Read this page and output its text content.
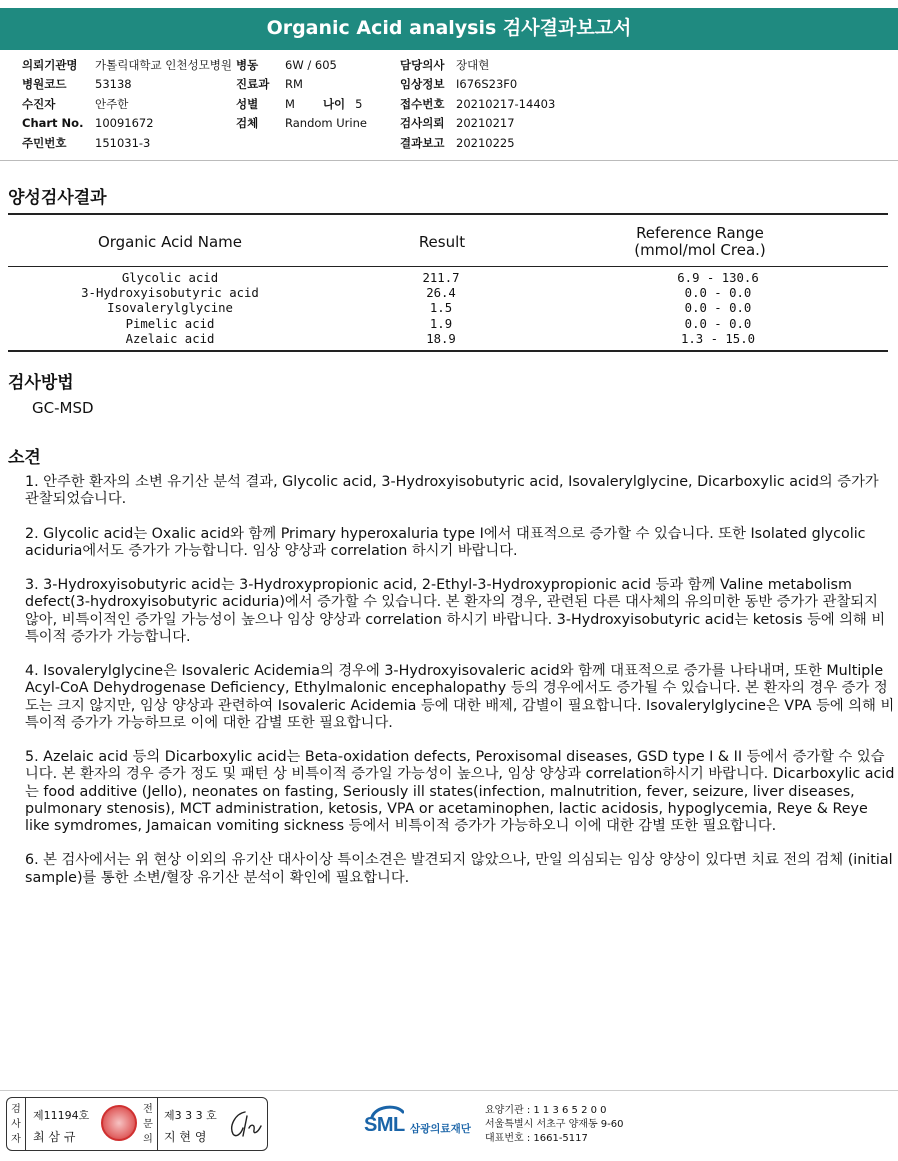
Organic Acid analysis 검사결과보고서
의뢰기관명	가톨릭대학교 인천성모병원
병원코드	53138
수진자	안주한
Chart No.	10091672
주민번호	151031-3
병동	6W / 605
진료과	RM
성별	M 나이 5
검체	Random Urine
담당의사	장대현
임상정보	I676S23F0
접수번호	20210217-14403
검사의뢰	20210217
결과보고	20210225
양성검사결과
Organic Acid Name	Result	Reference Range
(mmol/mol Crea.)
Glycolic acid	211.7	6.9 - 130.6
3-Hydroxyisobutyric acid	26.4	0.0 - 0.0
Isovalerylglycine	1.5	0.0 - 0.0
Pimelic acid	1.9	0.0 - 0.0
Azelaic acid	18.9	1.3 - 15.0
검사방법
GC-MSD
소견

1. 안주한 환자의 소변 유기산 분석 결과, Glycolic acid, 3-Hydroxyisobutyric acid, Isovalerylglycine, Dicarboxylic acid의 증가가 관찰되었습니다.

2. Glycolic acid는 Oxalic acid와 함께 Primary hyperoxaluria type Ⅰ에서 대표적으로 증가할 수 있습니다. 또한 Isolated glycolic aciduria에서도 증가가 가능합니다. 임상 양상과 correlation 하시기 바랍니다.

3. 3-Hydroxyisobutyric acid는 3-Hydroxypropionic acid, 2-Ethyl-3-Hydroxypropionic acid 등과 함께 Valine metabolism defect(3-hydroxyisobutyric aciduria)에서 증가할 수 있습니다. 본 환자의 경우, 관련된 다른 대사체의 유의미한 동반 증가가 관찰되지 않아, 비특이적인 증가일 가능성이 높으나 임상 양상과 correlation 하시기 바랍니다. 3-Hydroxyisobutyric acid는 ketosis 등에 의해 비특이적 증가가 가능합니다.

4. Isovalerylglycine은 Isovaleric Acidemia의 경우에 3-Hydroxyisovaleric acid와 함께 대표적으로 증가를 나타내며, 또한 Multiple Acyl-CoA Dehydrogenase Deficiency, Ethylmalonic encephalopathy 등의 경우에서도 증가될 수 있습니다. 본 환자의 경우 증가 정도는 크지 않지만, 임상 양상과 관련하여 Isovaleric Acidemia 등에 대한 배제, 감별이 필요합니다. Isovalerylglycine은 VPA 등에 의해 비특이적 증가가 가능하므로 이에 대한 감별 또한 필요합니다.

5. Azelaic acid 등의 Dicarboxylic acid는 Beta-oxidation defects, Peroxisomal diseases, GSD type I & II 등에서 증가할 수 있습니다. 본 환자의 경우 증가 정도 및 패턴 상 비특이적 증가일 가능성이 높으나, 임상 양상과 correlation하시기 바랍니다. Dicarboxylic acid는 food additive (Jello), neonates on fasting, Seriously ill states(infection, malnutrition, fever, seizure, liver diseases, pulmonary stenosis), MCT administration, ketosis, VPA or acetaminophen, lactic acidosis, hypoglycemia, Reye & Reye like symdromes, Jamaican vomiting sickness 등에서 비특이적 증가가 가능하오니 이에 대한 감별 또한 필요합니다.

6. 본 검사에서는 위 현상 이외의 유기산 대사이상 특이소견은 발견되지 않았으나, 만일 의심되는 임상 양상이 있다면 치료 전의 검체 (initial sample)를 통한 소변/혈장 유기산 분석이 확인에 필요합니다.

검사자
제11194호
최 삼 규
전문의
제3 3 3 호
지 현 영
SML 삼광의료재단
요양기관 : 1 1 3 6 5 2 0 0
서울특별시 서초구 양재동 9-60
대표번호 : 1661-5117
